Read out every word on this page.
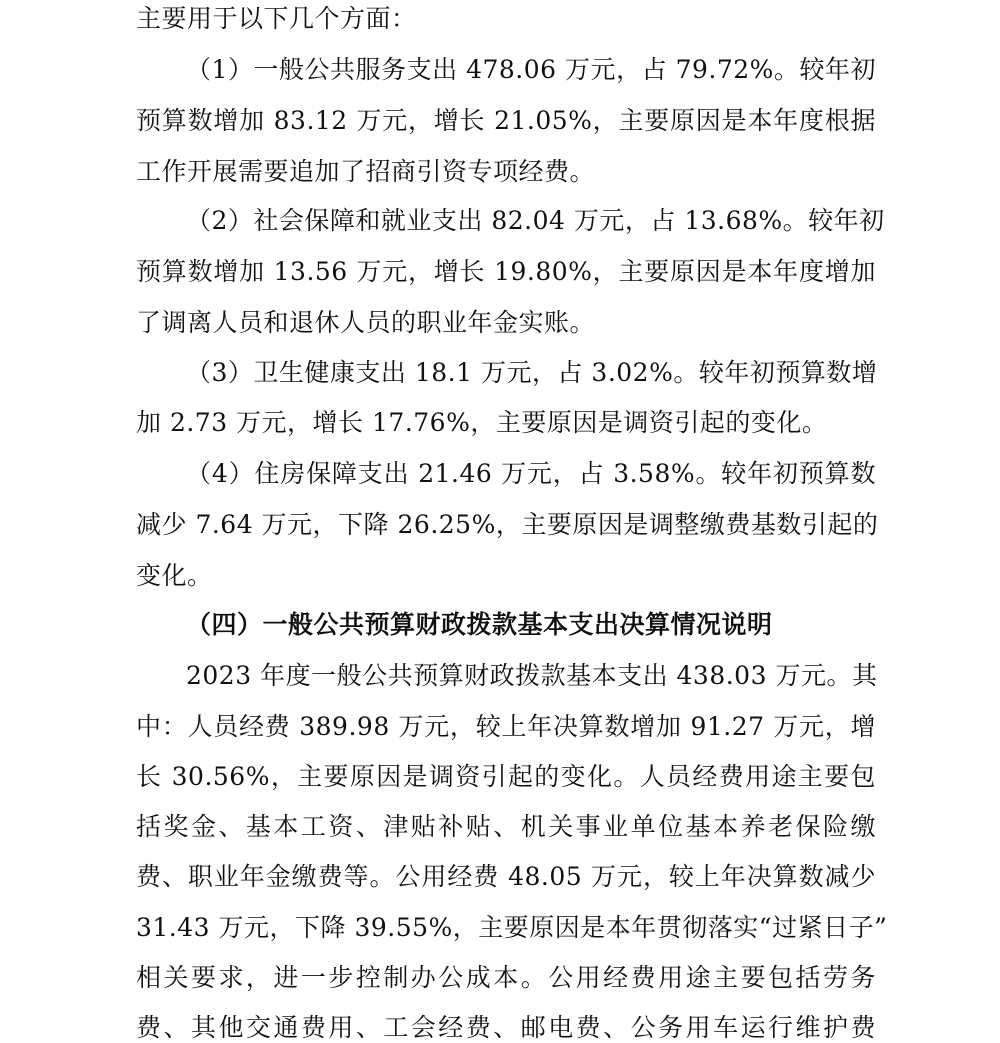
主要用于以下几个方面：
（1）一般公共服务支出 478.06 万元，占 79.72%。较年初
预算数增加 83.12 万元，增长 21.05%，主要原因是本年度根据
工作开展需要追加了招商引资专项经费。
（2）社会保障和就业支出 82.04 万元，占 13.68%。较年初
预算数增加 13.56 万元，增长 19.80%，主要原因是本年度增加
了调离人员和退休人员的职业年金实账。
（3）卫生健康支出 18.1 万元，占 3.02%。较年初预算数增
加 2.73 万元，增长 17.76%，主要原因是调资引起的变化。
（4）住房保障支出 21.46 万元，占 3.58%。较年初预算数
减少 7.64 万元，下降 26.25%，主要原因是调整缴费基数引起的
变化。
（四）一般公共预算财政拨款基本支出决算情况说明
2023 年度一般公共预算财政拨款基本支出 438.03 万元。其
中：人员经费 389.98 万元，较上年决算数增加 91.27 万元，增
长 30.56%，主要原因是调资引起的变化。人员经费用途主要包
括奖金、基本工资、津贴补贴、机关事业单位基本养老保险缴
费、职业年金缴费等。公用经费 48.05 万元，较上年决算数减少
31.43 万元，下降 39.55%，主要原因是本年贯彻落实“过紧日子”
相关要求，进一步控制办公成本。公用经费用途主要包括劳务
费、其他交通费用、工会经费、邮电费、公务用车运行维护费
